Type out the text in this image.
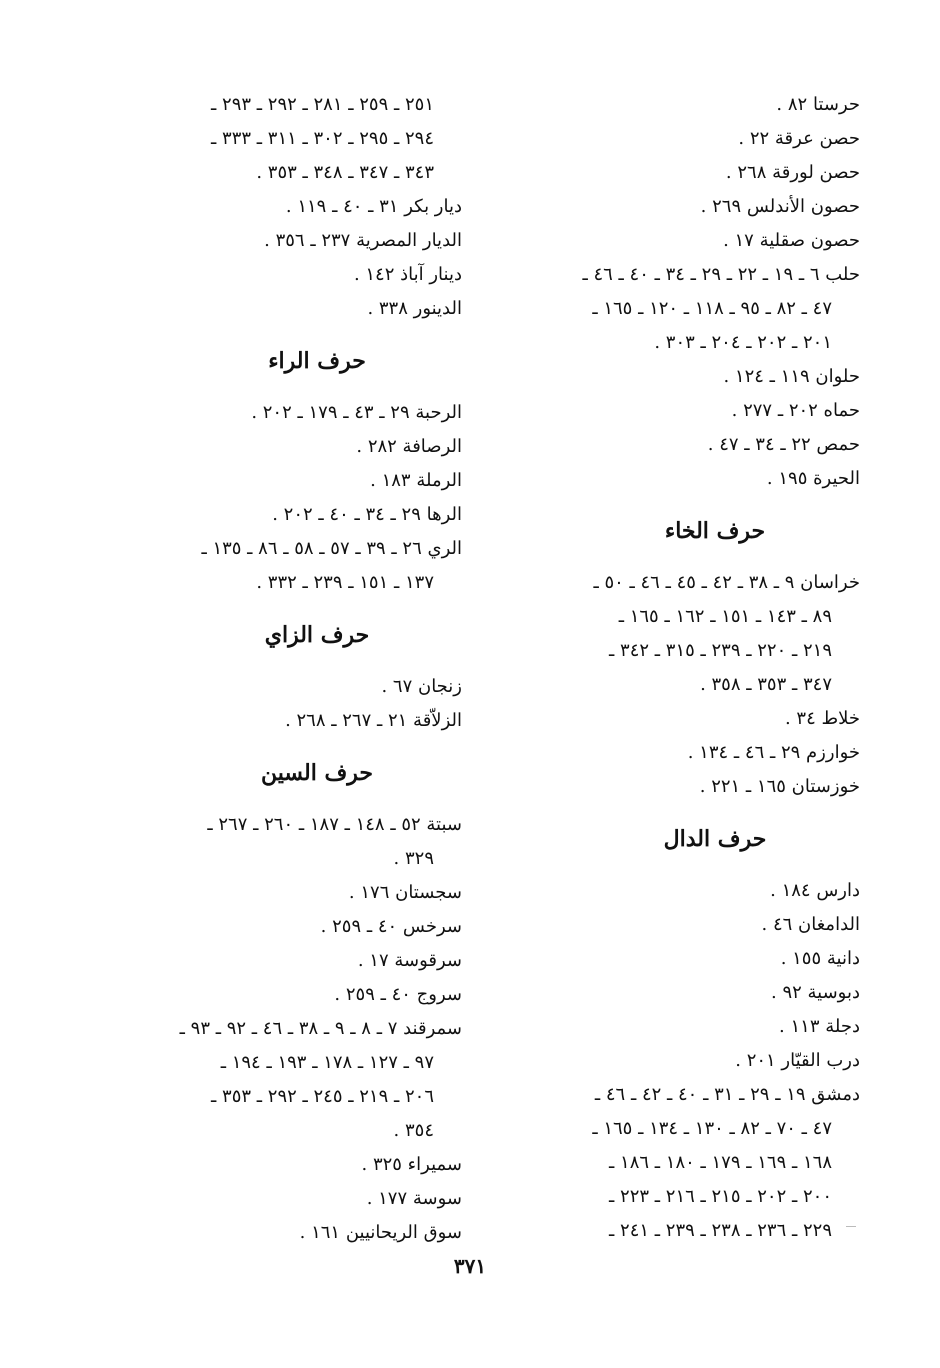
حرستا ٨٢ .
حصن عرقة ٢٢ .
حصن لورقة ٢٦٨ .
حصون الأندلس ٢٦٩ .
حصون صقلية ١٧ .
حلب ٦ ـ ١٩ ـ ٢٢ ـ ٢٩ ـ ٣٤ ـ ٤٠ ـ ٤٦ ـ
٤٧ ـ ٨٢ ـ ٩٥ ـ ١١٨ ـ ١٢٠ ـ ١٦٥ ـ
٢٠١ ـ ٢٠٢ ـ ٢٠٤ ـ ٣٠٣ .
حلوان ١١٩ ـ ١٢٤ .
حماه ٢٠٢ ـ ٢٧٧ .
حمص ٢٢ ـ ٣٤ ـ ٤٧ .
الحيرة ١٩٥ .
حرف الخاء
خراسان ٩ ـ ٣٨ ـ ٤٢ ـ ٤٥ ـ ٤٦ ـ ٥٠ ـ
٨٩ ـ ١٤٣ ـ ١٥١ ـ ١٦٢ ـ ١٦٥ ـ
٢١٩ ـ ٢٢٠ ـ ٢٣٩ ـ ٣١٥ ـ ٣٤٢ ـ
٣٤٧ ـ ٣٥٣ ـ ٣٥٨ .
خلاط ٣٤ .
خوارزم ٢٩ ـ ٤٦ ـ ١٣٤ .
خوزستان ١٦٥ ـ ٢٢١ .
حرف الدال
دارس ١٨٤ .
الدامغان ٤٦ .
دانية ١٥٥ .
دبوسية ٩٢ .
دجلة ١١٣ .
درب القيّار ٢٠١ .
دمشق ١٩ ـ ٢٩ ـ ٣١ ـ ٤٠ ـ ٤٢ ـ ٤٦ ـ
٤٧ ـ ٧٠ ـ ٨٢ ـ ١٣٠ ـ ١٣٤ ـ ١٦٥ ـ
١٦٨ ـ ١٦٩ ـ ١٧٩ ـ ١٨٠ ـ ١٨٦ ـ
٢٠٠ ـ ٢٠٢ ـ ٢١٥ ـ ٢١٦ ـ ٢٢٣ ـ
٢٢٩ ـ ٢٣٦ ـ ٢٣٨ ـ ٢٣٩ ـ ٢٤١ ـ
٢٥١ ـ ٢٥٩ ـ ٢٨١ ـ ٢٩٢ ـ ٢٩٣ ـ
٢٩٤ ـ ٢٩٥ ـ ٣٠٢ ـ ٣١١ ـ ٣٣٣ ـ
٣٤٣ ـ ٣٤٧ ـ ٣٤٨ ـ ٣٥٣ .
ديار بكر ٣١ ـ ٤٠ ـ ١١٩ .
الديار المصرية ٢٣٧ ـ ٣٥٦ .
دينار آباذ ١٤٢ .
الدينور ٣٣٨ .
حرف الراء
الرحبة ٢٩ ـ ٤٣ ـ ١٧٩ ـ ٢٠٢ .
الرصافة ٢٨٢ .
الرملة ١٨٣ .
الرها ٢٩ ـ ٣٤ ـ ٤٠ ـ ٢٠٢ .
الري ٢٦ ـ ٣٩ ـ ٥٧ ـ ٥٨ ـ ٨٦ ـ ١٣٥ ـ
١٣٧ ـ ١٥١ ـ ٢٣٩ ـ ٣٣٢ .
حرف الزاي
زنجان ٦٧ .
الزلاّقة ٢١ ـ ٢٦٧ ـ ٢٦٨ .
حرف السين
سبتة ٥٢ ـ ١٤٨ ـ ١٨٧ ـ ٢٦٠ ـ ٢٦٧ ـ
٣٢٩ .
سجستان ١٧٦ .
سرخس ٤٠ ـ ٢٥٩ .
سرقوسة ١٧ .
سروج ٤٠ ـ ٢٥٩ .
سمرقند ٧ ـ ٨ ـ ٩ ـ ٣٨ ـ ٤٦ ـ ٩٢ ـ ٩٣ ـ
٩٧ ـ ١٢٧ ـ ١٧٨ ـ ١٩٣ ـ ١٩٤ ـ
٢٠٦ ـ ٢١٩ ـ ٢٤٥ ـ ٢٩٢ ـ ٣٥٣ ـ
٣٥٤ .
سميراء ٣٢٥ .
سوسة ١٧٧ .
سوق الريحانيين ١٦١ .
٣٧١
